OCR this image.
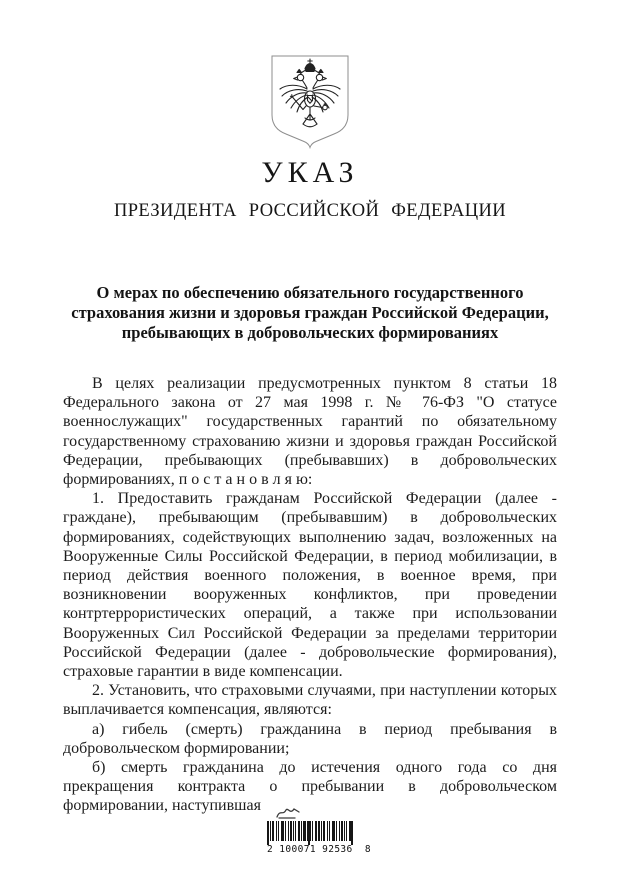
УКАЗ
ПРЕЗИДЕНТА РОССИЙСКОЙ ФЕДЕРАЦИИ
О мерах по обеспечению обязательного государственного
страхования жизни и здоровья граждан Российской Федерации,
пребывающих в добровольческих формированиях

В целях реализации предусмотренных пунктом 8 статьи 18 Федерального закона от 27 мая 1998 г. № 76-ФЗ "О статусе военнослужащих" государственных гарантий по обязательному государственному страхованию жизни и здоровья граждан Российской Федерации, пребывающих (пребывавших) в добровольческих формированиях, п о с т а н о в л я ю:

1. Предоставить гражданам Российской Федерации (далее - граждане), пребывающим (пребывавшим) в добровольческих формированиях, содействующих выполнению задач, возложенных на Вооруженные Силы Российской Федерации, в период мобилизации, в период действия военного положения, в военное время, при возникновении вооруженных конфликтов, при проведении контртеррористических операций, а также при использовании Вооруженных Сил Российской Федерации за пределами территории Российской Федерации (далее - добровольческие формирования), страховые гарантии в виде компенсации.

2. Установить, что страховыми случаями, при наступлении которых выплачивается компенсация, являются:

а) гибель (смерть) гражданина в период пребывания в добровольческом формировании;

б) смерть гражданина до истечения одного года со дня прекращения контракта о пребывании в добровольческом формировании, наступившая

2 100071 92536  8
